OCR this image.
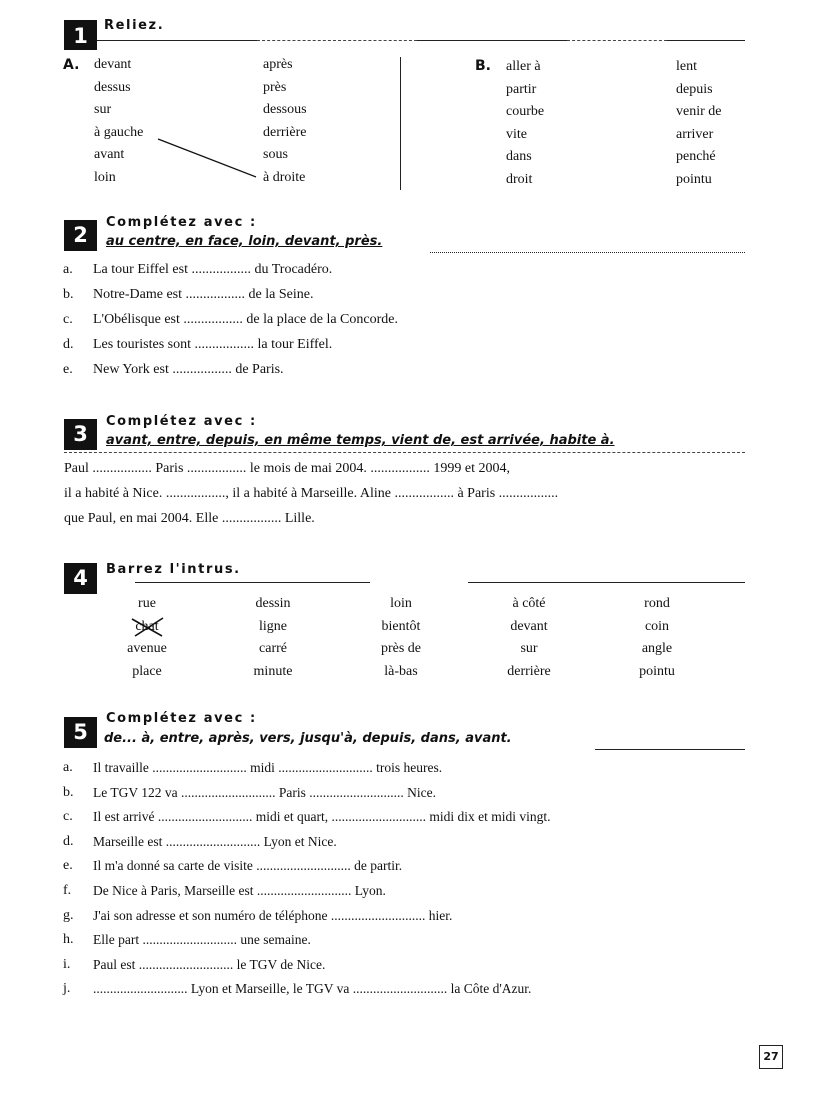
1	Reliez.
A. devant
dessus
sur
à gauche
avant
loin
après
près
dessous
derrière
sous
à droite
B. aller à
partir
courbe
vite
dans
droit
lent
depuis
venir de
arriver
penché
pointu
2
Complétez avec :
au centre, en face, loin, devant, près.
a. La tour Eiffel est ................. du Trocadéro.
b. Notre-Dame est ................. de la Seine.
c. L'Obélisque est ................. de la place de la Concorde.
d. Les touristes sont ................. la tour Eiffel.
e. New York est ................. de Paris.
3
Complétez avec :
avant, entre, depuis, en même temps, vient de, est arrivée, habite à.
Paul ................. Paris ................. le mois de mai 2004. ................. 1999 et 2004,
il a habité à Nice. ................., il a habité à Marseille. Aline ................. à Paris .................
que Paul, en mai 2004. Elle ................. Lille.
4	Barrez l'intrus.
rue
chat
avenue
place
dessin
ligne
carré
minute
loin
bientôt
près de
là-bas
à côté
devant
sur
derrière
rond
coin
angle
pointu
5
Complétez avec :
de... à, entre, après, vers, jusqu'à, depuis, dans, avant.
a. Il travaille ............................ midi ............................ trois heures.
b. Le TGV 122 va ............................ Paris ............................ Nice.
c. Il est arrivé ............................ midi et quart, ............................ midi dix et midi vingt.
d. Marseille est ............................ Lyon et Nice.
e. Il m'a donné sa carte de visite ............................ de partir.
f. De Nice à Paris, Marseille est ............................ Lyon.
g. J'ai son adresse et son numéro de téléphone ............................ hier.
h. Elle part ............................ une semaine.
i. Paul est ............................ le TGV de Nice.
j. ............................ Lyon et Marseille, le TGV va ............................ la Côte d'Azur.
27
